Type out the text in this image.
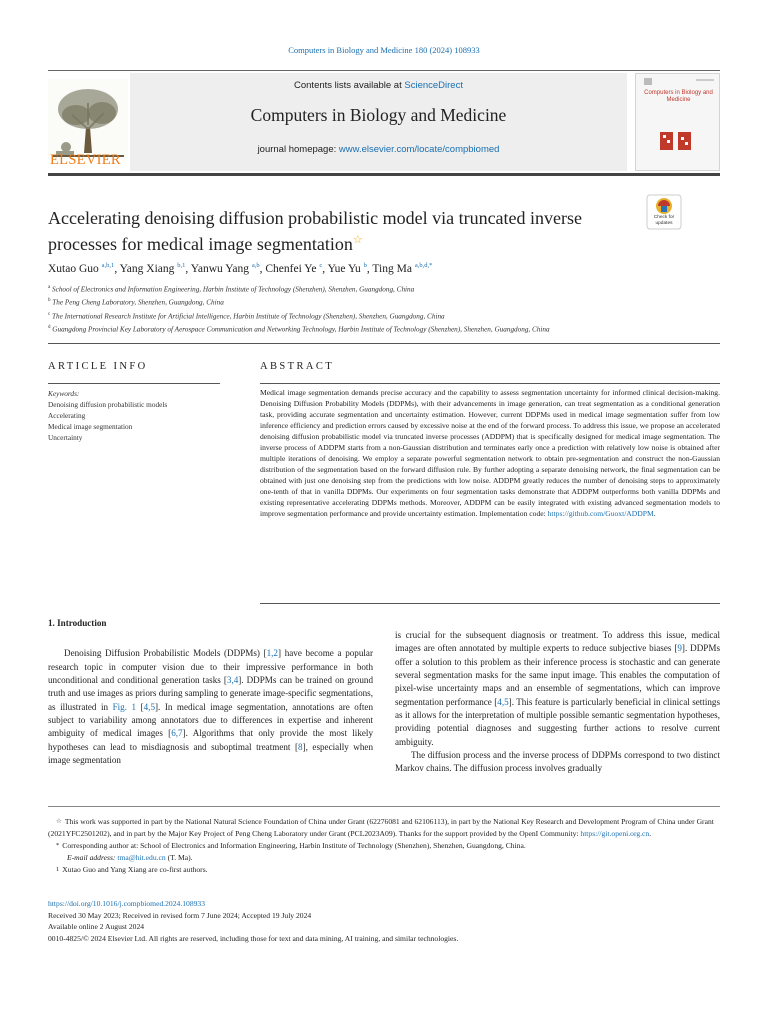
Computers in Biology and Medicine 180 (2024) 108933
ELSEVIER
Contents lists available at ScienceDirect
Computers in Biology and Medicine
journal homepage: www.elsevier.com/locate/compbiomed
Computers in Biology and Medicine
Accelerating denoising diffusion probabilistic model via truncated inverse processes for medical image segmentation☆
Check for updates
Xutao Guo $^{a,b,1}$, Yang Xiang $^{b,1}$, Yanwu Yang $^{a,b}$, Chenfei Ye $^c$, Yue Yu $^b$, Ting Ma $^{a,b,d,*}$
$^a$ School of Electronics and Information Engineering, Harbin Institute of Technology (Shenzhen), Shenzhen, Guangdong, China
$^b$ The Peng Cheng Laboratory, Shenzhen, Guangdong, China
$^c$ The International Research Institute for Artificial Intelligence, Harbin Institute of Technology (Shenzhen), Shenzhen, Guangdong, China
$^d$ Guangdong Provincial Key Laboratory of Aerospace Communication and Networking Technology, Harbin Institute of Technology (Shenzhen), Shenzhen, Guangdong, China
ARTICLE INFO	ABSTRACT
Keywords:
Denoising diffusion probabilistic models
Accelerating
Medical image segmentation
Uncertainty
Medical image segmentation demands precise accuracy and the capability to assess segmentation uncertainty for informed clinical decision-making. Denoising Diffusion Probability Models (DDPMs), with their advancements in image generation, can treat segmentation as a conditional generation task, providing accurate segmentation and uncertainty estimation. However, current DDPMs used in medical image segmentation suffer from low inference efficiency and prediction errors caused by excessive noise at the end of the forward process. To address this issue, we propose an accelerated denoising diffusion probabilistic model via truncated inverse processes (ADDPM) that is specifically designed for medical image segmentation. The inverse process of ADDPM starts from a non-Gaussian distribution and terminates early once a prediction with relatively low noise is obtained after multiple iterations of denoising. We employ a separate powerful segmentation network to obtain pre-segmentation and construct the non-Gaussian distribution of the segmentation based on the forward diffusion rule. By further adopting a separate denoising network, the final segmentation can be obtained with just one denoising step from the predictions with low noise. ADDPM greatly reduces the number of denoising steps to approximately one-tenth of that in vanilla DDPMs. Our experiments on four segmentation tasks demonstrate that ADDPM outperforms both vanilla DDPMs and existing representative accelerating DDPMs methods. Moreover, ADDPM can be easily integrated with existing advanced segmentation models to improve segmentation performance and provide uncertainty estimation. Implementation code: https://github.com/Guoxt/ADDPM.
1. Introduction

Denoising Diffusion Probabilistic Models (DDPMs) [1,2] have become a popular research topic in computer vision due to their impressive performance in both unconditional and conditional generation tasks [3,4]. DDPMs can be trained on ground truth and use images as priors during sampling to generate image-specific segmentations, as illustrated in Fig. 1 [4,5]. In medical image segmentation, annotations are often subject to variability among annotators due to differences in expertise and inherent ambiguity of medical images [6,7]. Algorithms that only provide the most likely hypotheses can lead to misdiagnosis and suboptimal treatment [8], especially when image segmentation

is crucial for the subsequent diagnosis or treatment. To address this issue, medical images are often annotated by multiple experts to reduce subjective biases [9]. DDPMs offer a solution to this problem as their inference process is stochastic and can generate several segmentation masks for the same input image. This enables the computation of pixel-wise uncertainty maps and an ensemble of segmentations, which can improve segmentation performance [4,5]. This feature is particularly beneficial in clinical settings as it allows for the interpretation of multiple possible semantic segmentation hypotheses, providing potential diagnoses and suggesting further actions to resolve current ambiguity.

The diffusion process and the inverse process of DDPMs correspond to two distinct Markov chains. The diffusion process involves gradually

☆ This work was supported in part by the National Natural Science Foundation of China under Grant (62276081 and 62106113), in part by the National Key Research and Development Program of China under Grant (2021YFC2501202), and in part by the Major Key Project of Peng Cheng Laboratory under Grant (PCL2023A09). Thanks for the support provided by the OpenI Community: https://git.openi.org.cn.
* Corresponding author at: School of Electronics and Information Engineering, Harbin Institute of Technology (Shenzhen), Shenzhen, Guangdong, China.
E-mail address: tma@hit.edu.cn (T. Ma).
1 Xutao Guo and Yang Xiang are co-first authors.
https://doi.org/10.1016/j.compbiomed.2024.108933
Received 30 May 2023; Received in revised form 7 June 2024; Accepted 19 July 2024
Available online 2 August 2024
0010-4825/© 2024 Elsevier Ltd. All rights are reserved, including those for text and data mining, AI training, and similar technologies.
